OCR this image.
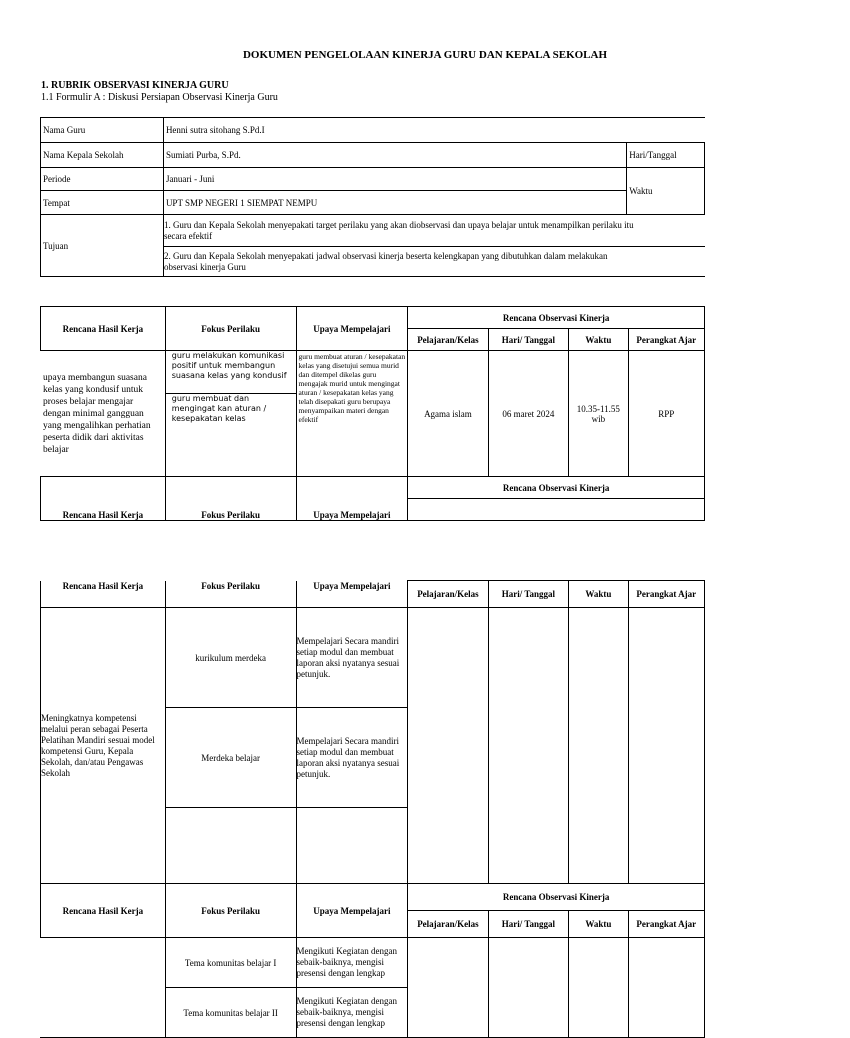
DOKUMEN PENGELOLAAN KINERJA GURU DAN KEPALA SEKOLAH
1. RUBRIK OBSERVASI KINERJA GURU
1.1 Formulir A : Diskusi Persiapan Observasi Kinerja Guru
Nama Guru	Henni sutra sitohang S.Pd.I	
Nama Kepala Sekolah	Sumiati Purba, S.Pd.	Hari/Tanggal
Periode	Januari - Juni	Waktu
Tempat	UPT SMP NEGERI 1 SIEMPAT NEMPU	
Tujuan	1. Guru dan Kepala Sekolah menyepakati target perilaku yang akan diobservasi dan upaya belajar untuk menampilkan perilaku itu secara efektif	
	2. Guru dan Kepala Sekolah menyepakati jadwal observasi kinerja beserta kelengkapan yang dibutuhkan dalam melakukan observasi kinerja Guru	
Rencana Hasil Kerja	Fokus Perilaku	Upaya Mempelajari	Rencana Observasi Kinerja			
			Pelajaran/Kelas	Hari/ Tanggal	Waktu	Perangkat Ajar
upaya membangun suasana kelas yang kondusif untuk proses belajar mengajar dengan minimal gangguan yang mengalihkan perhatian peserta didik dari aktivitas belajar	guru melakukan komunikasi positif untuk membangun suasana kelas yang kondusif	guru membuat aturan / kesepakatan kelas yang disetujui semua murid dan ditempel dikelas guru mengajak murid untuk mengingat aturan / kesepakatan kelas yang telah disepakati guru berupaya menyampaikan materi dengan efektif	Agama islam	06 maret 2024	10.35-11.55 wib	RPP
	guru membuat dan mengingat kan aturan / kesepakatan kelas					
Rencana Hasil Kerja	Fokus Perilaku	Upaya Mempelajari	Rencana Observasi Kinerja			

Rencana Hasil Kerja	Fokus Perilaku	Upaya Mempelajari	Pelajaran/Kelas	Hari/ Tanggal	Waktu	Perangkat Ajar
Meningkatnya kompetensi melalui peran sebagai Peserta Pelatihan Mandiri sesuai model kompetensi Guru, Kepala Sekolah, dan/atau Pengawas Sekolah	kurikulum merdeka	Mempelajari Secara mandiri setiap modul dan membuat laporan aksi nyatanya sesuai petunjuk.				
	Merdeka belajar	Mempelajari Secara mandiri setiap modul dan membuat laporan aksi nyatanya sesuai petunjuk.				

Rencana Hasil Kerja	Fokus Perilaku	Upaya Mempelajari	Rencana Observasi Kinerja			
			Pelajaran/Kelas	Hari/ Tanggal	Waktu	Perangkat Ajar
	Tema komunitas belajar I	Mengikuti Kegiatan dengan sebaik-baiknya, mengisi presensi dengan lengkap				
	Tema komunitas belajar II	Mengikuti Kegiatan dengan sebaik-baiknya, mengisi presensi dengan lengkap				
